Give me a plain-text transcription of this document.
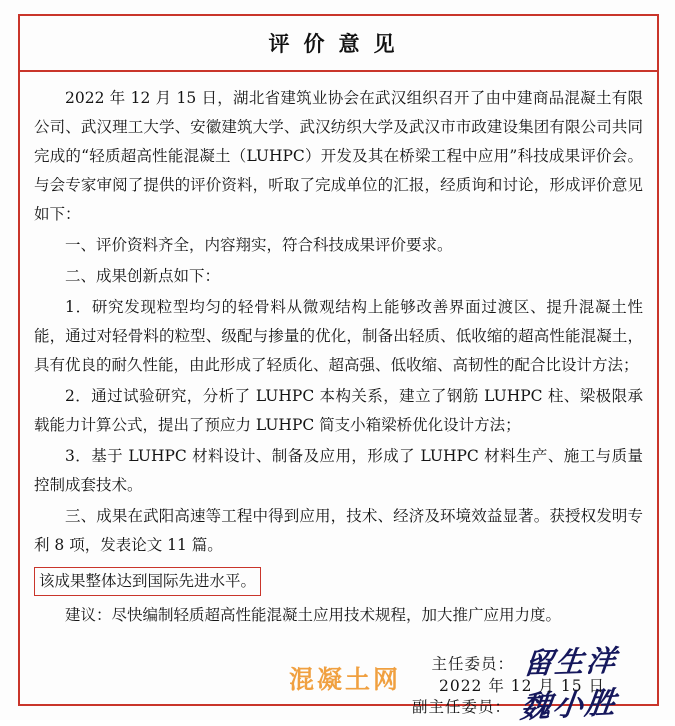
评价意见

2022 年 12 月 15 日，湖北省建筑业协会在武汉组织召开了由中建商品混凝土有限公司、武汉理工大学、安徽建筑大学、武汉纺织大学及武汉市市政建设集团有限公司共同完成的“轻质超高性能混凝土（LUHPC）开发及其在桥梁工程中应用”科技成果评价会。与会专家审阅了提供的评价资料，听取了完成单位的汇报，经质询和讨论，形成评价意见如下：

一、评价资料齐全，内容翔实，符合科技成果评价要求。

二、成果创新点如下：

1．研究发现粒型均匀的轻骨料从微观结构上能够改善界面过渡区、提升混凝土性能，通过对轻骨料的粒型、级配与掺量的优化，制备出轻质、低收缩的超高性能混凝土，具有优良的耐久性能，由此形成了轻质化、超高强、低收缩、高韧性的配合比设计方法；

2．通过试验研究，分析了 LUHPC 本构关系，建立了钢筋 LUHPC 柱、梁极限承载能力计算公式，提出了预应力 LUHPC 简支小箱梁桥优化设计方法；

3．基于 LUHPC 材料设计、制备及应用，形成了 LUHPC 材料生产、施工与质量控制成套技术。

三、成果在武阳高速等工程中得到应用，技术、经济及环境效益显著。获授权发明专利 8 项，发表论文 11 篇。

该成果整体达到国际先进水平。

建议：尽快编制轻质超高性能混凝土应用技术规程，加大推广应用力度。

主任委员： 留生洋
副主任委员： 魏小胜
混凝土网 2022 年 12 月 15 日
